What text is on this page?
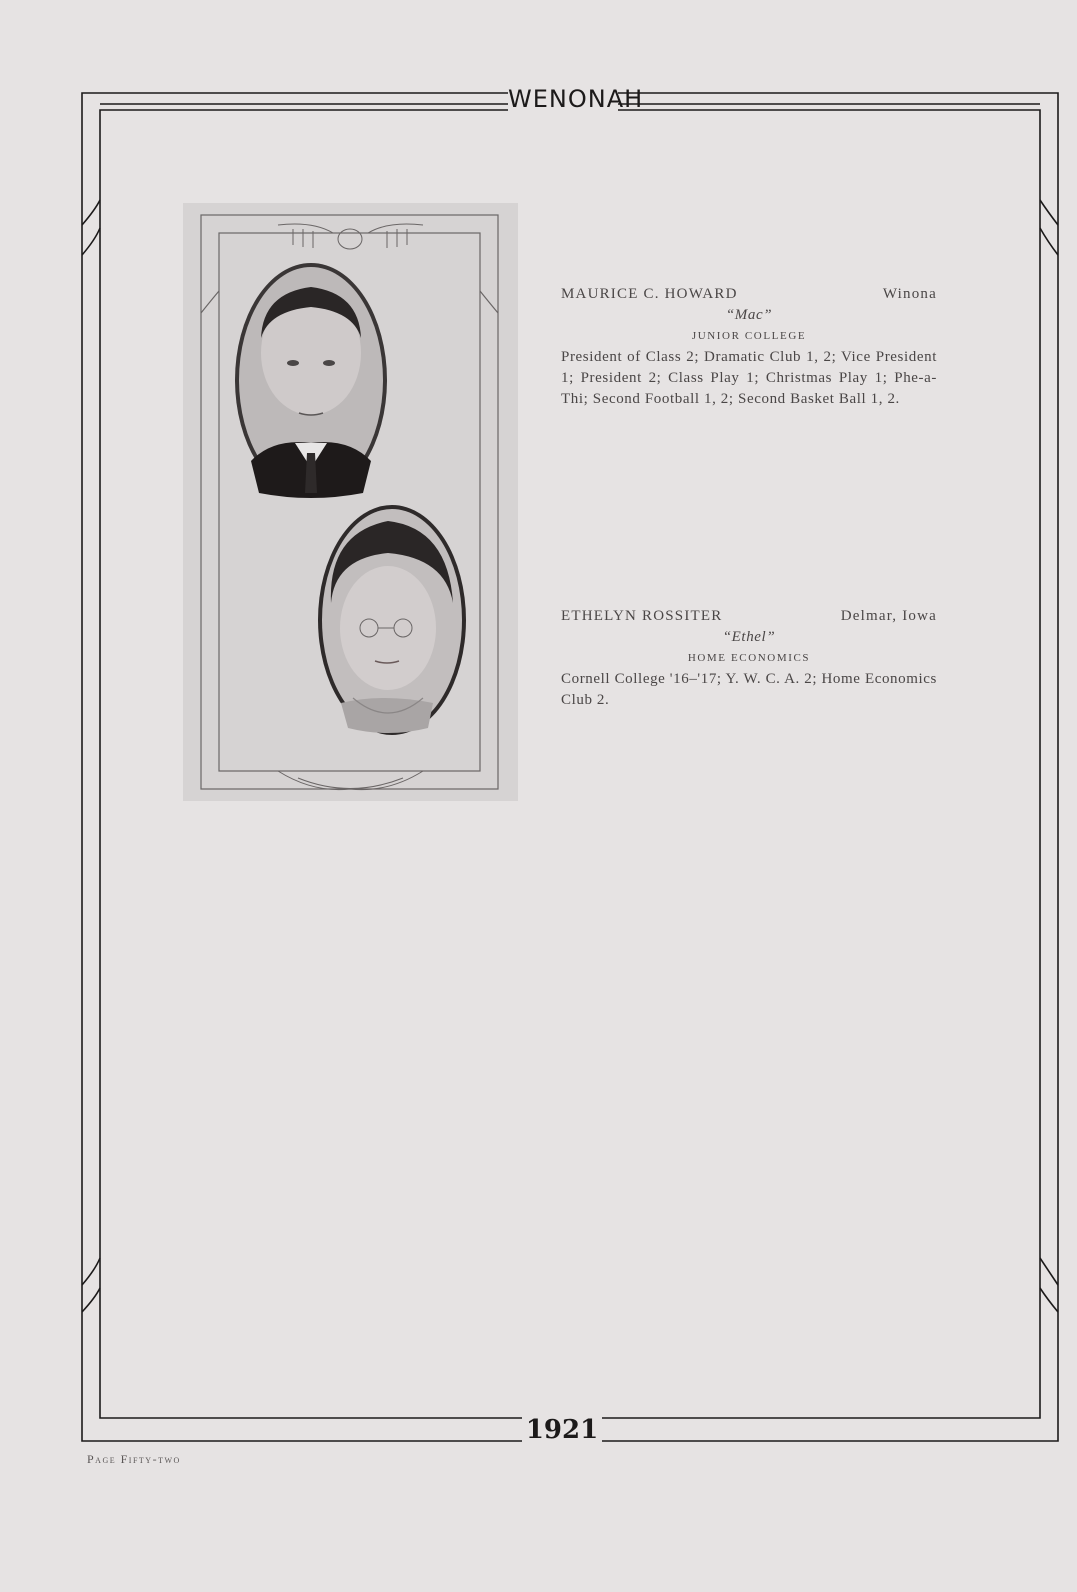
WENONAH
MAURICE C. HOWARD	Winona
“Mac”
JUNIOR COLLEGE
President of Class 2; Dramatic Club 1, 2; Vice President 1; President 2; Class Play 1; Christmas Play 1; Phe-a-Thi; Second Football 1, 2; Second Basket Ball 1, 2.
ETHELYN ROSSITER	Delmar, Iowa
“Ethel”
HOME ECONOMICS
Cornell College '16–'17; Y. W. C. A. 2; Home Economics Club 2.
1921
Page Fifty-two
